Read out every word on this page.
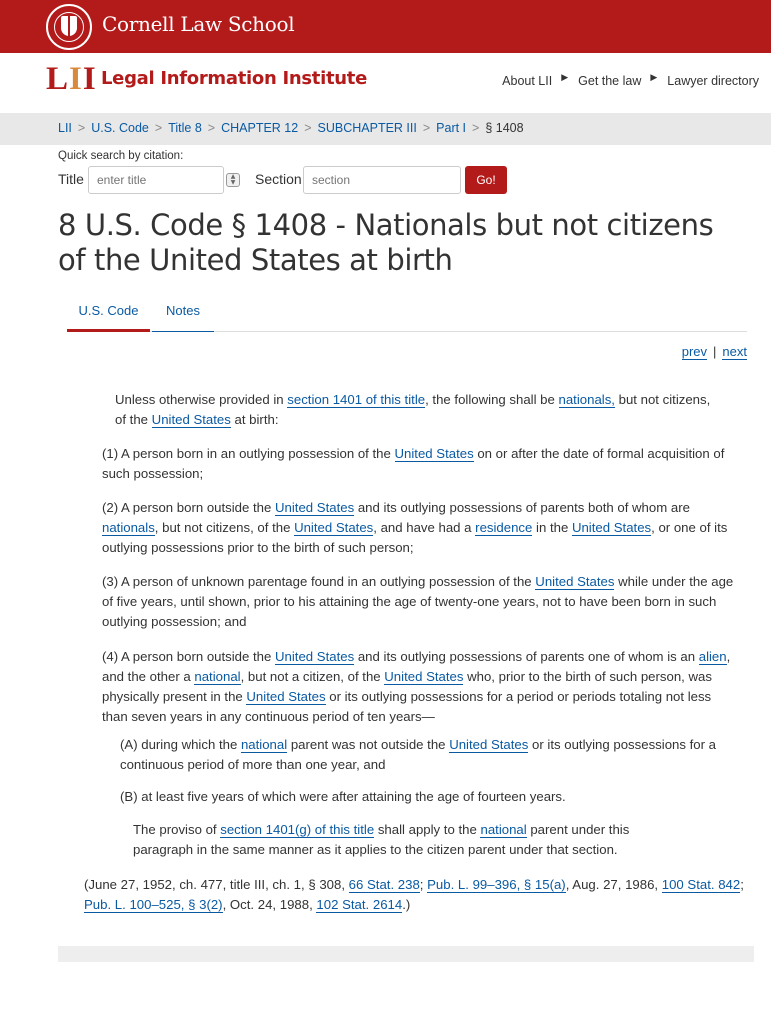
Cornell Law School
LII Legal Information Institute	About LII ▶ Get the law ▶ Lawyer directory
LII > U.S. Code > Title 8 > CHAPTER 12 > SUBCHAPTER III > Part I > § 1408
Quick search by citation:
Title
enter title	▲
▼	Section
section	Go!
8 U.S. Code § 1408 - Nationals but not citizens of the United States at birth
U.S. Code	Notes
prev | next

Unless otherwise provided in section 1401 of this title, the following shall be nationals, but not citizens, of the United States at birth:

(1) A person born in an outlying possession of the United States on or after the date of formal acquisition of such possession;

(2) A person born outside the United States and its outlying possessions of parents both of whom are nationals, but not citizens, of the United States, and have had a residence in the United States, or one of its outlying possessions prior to the birth of such person;

(3) A person of unknown parentage found in an outlying possession of the United States while under the age of five years, until shown, prior to his attaining the age of twenty-one years, not to have been born in such outlying possession; and

(4) A person born outside the United States and its outlying possessions of parents one of whom is an alien, and the other a national, but not a citizen, of the United States who, prior to the birth of such person, was physically present in the United States or its outlying possessions for a period or periods totaling not less than seven years in any continuous period of ten years—

(A) during which the national parent was not outside the United States or its outlying possessions for a continuous period of more than one year, and

(B) at least five years of which were after attaining the age of fourteen years.

The proviso of section 1401(g) of this title shall apply to the national parent under this paragraph in the same manner as it applies to the citizen parent under that section.

(June 27, 1952, ch. 477, title III, ch. 1, § 308, 66 Stat. 238; Pub. L. 99–396, § 15(a), Aug. 27, 1986, 100 Stat. 842; Pub. L. 100–525, § 3(2), Oct. 24, 1988, 102 Stat. 2614.)
